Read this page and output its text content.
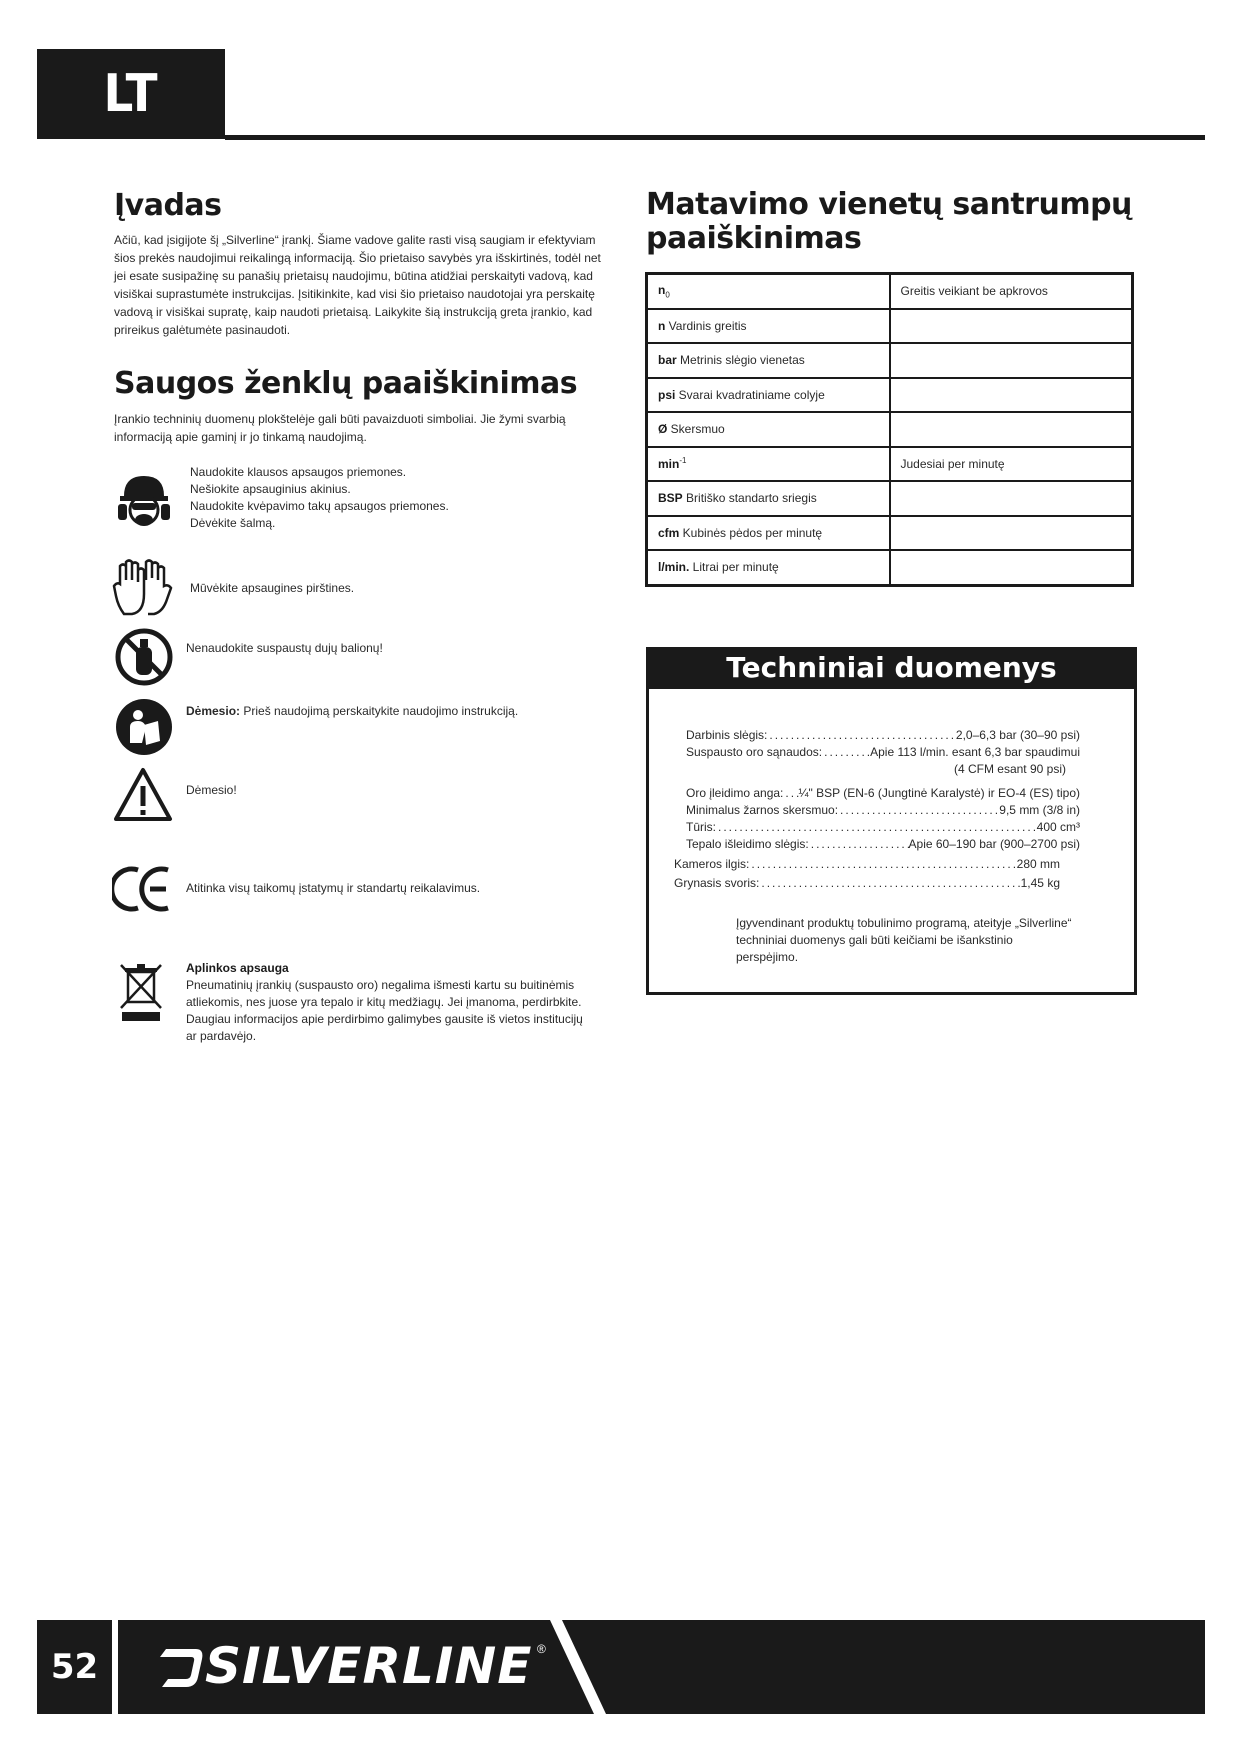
LT
Įvadas

Ačiū, kad įsigijote šį „Silverline“ įrankį. Šiame vadove galite rasti visą saugiam ir efektyviam šios prekės naudojimui reikalingą informaciją. Šio prietaiso savybės yra išskirtinės, todėl net jei esate susipažinę su panašių prietaisų naudojimu, būtina atidžiai perskaityti vadovą, kad visiškai suprastumėte instrukcijas. Įsitikinkite, kad visi šio prietaiso naudotojai yra perskaitę vadovą ir visiškai supratę, kaip naudoti prietaisą. Laikykite šią instrukciją greta įrankio, kad prireikus galėtumėte pasinaudoti.

Saugos ženklų paaiškinimas

Įrankio techninių duomenų plokštelėje gali būti pavaizduoti simboliai. Jie žymi svarbią informaciją apie gaminį ir jo tinkamą naudojimą.

Naudokite klausos apsaugos priemones.
Nešiokite apsauginius akinius.
Naudokite kvėpavimo takų apsaugos priemones.
Dėvėkite šalmą.
Mūvėkite apsaugines pirštines.
Nenaudokite suspaustų dujų balionų!
Dėmesio: Prieš naudojimą perskaitykite naudojimo instrukciją.
Dėmesio!
Atitinka visų taikomų įstatymų ir standartų reikalavimus.
Aplinkos apsauga
Pneumatinių įrankių (suspausto oro) negalima išmesti kartu su buitinėmis atliekomis, nes juose yra tepalo ir kitų medžiagų. Jei įmanoma, perdirbkite. Daugiau informacijos apie perdirbimo galimybes gausite iš vietos institucijų ar pardavėjo.
Matavimo vienetų santrumpų paaiškinimas
$n_0$	Greitis veikiant be apkrovos
n Vardinis greitis	
bar Metrinis slėgio vienetas	
psi Svarai kvadratiniame colyje	
Ø Skersmuo	
$\min^{-1}$	Judesiai per minutę
BSP Britiško standarto sriegis	
cfm Kubinės pėdos per minutę	
l/min. Litrai per minutę	
Techniniai duomenys
Darbinis slėgis: .....	2,0–6,3 bar (30–90 psi)
Suspausto oro sąnaudos: .....	Apie 113 l/min. esant 6,3 bar spaudimui
(4 CFM esant 90 psi)
Oro įleidimo anga: ..... ¼" BSP (EN-6 (Jungtinė Karalystė) ir EO-4 (ES) tipo)
Minimalus žarnos skersmuo: .....	9,5 mm (3/8 in)
Tūris: .....	400 cm³
Tepalo išleidimo slėgis: .....	Apie 60–190 bar (900–2700 psi)
Kameros ilgis: .....	280 mm
Grynasis svoris: .....	1,45 kg
Įgyvendinant produktų tobulinimo programą, ateityje „Silverline“ techniniai duomenys gali būti keičiami be išankstinio perspėjimo.
52 SILVERLINE ®
